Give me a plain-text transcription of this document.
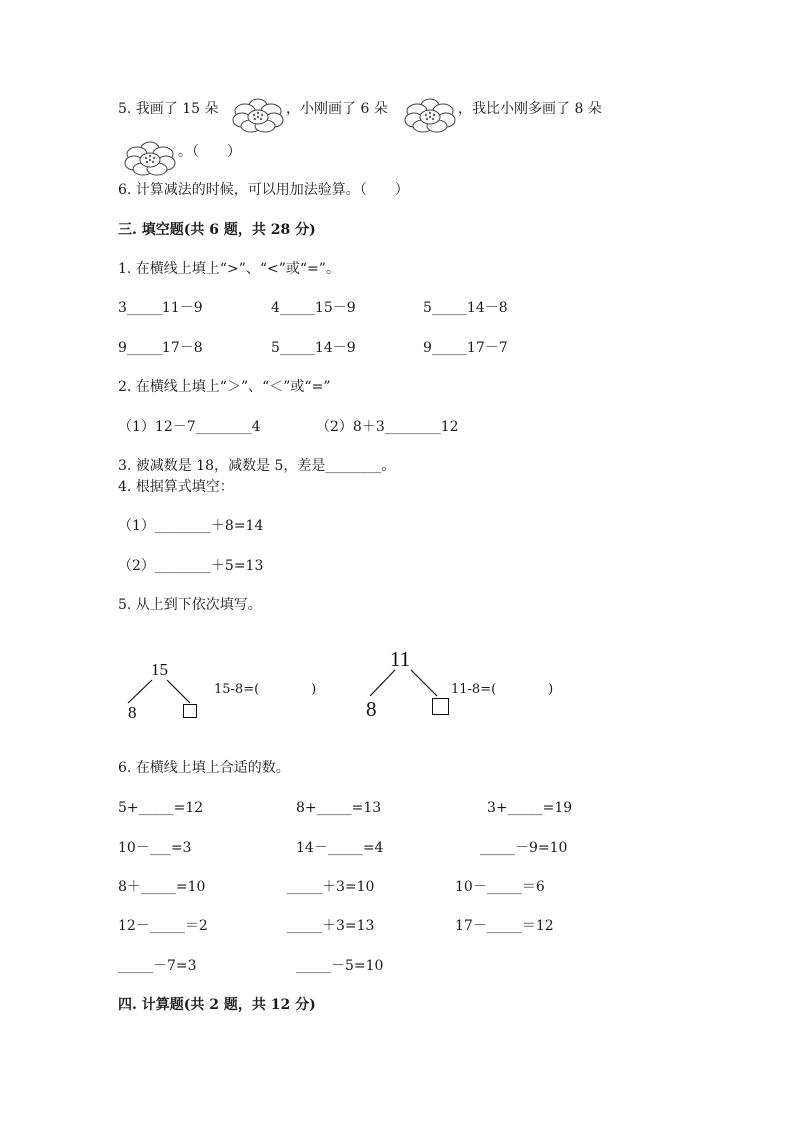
5. 我画了 15 朵	，小刚画了 6 朵	，我比小刚多画了 8 朵
。（　　）
6. 计算减法的时候，可以用加法验算。（　　）
三. 填空题(共 6 题，共 28 分)
1. 在横线上填上“>”、“<”或“=”。
3_____11－9	4_____15－9	5_____14－8
9_____17－8	5_____14－9	9_____17－7
2. 在横线上填上“＞”、“＜”或“=”
（1）12－7________4	（2）8＋3________12
3. 被减数是 18，减数是 5，差是________。
4. 根据算式填空：
（1）________＋8=14
（2）________＋5=13
5. 从上到下依次填写。
15
8
15-8=(　　　　)
11
8
11-8=(　　　　)
6. 在横线上填上合适的数。
5+_____=12	8+_____=13	3+_____=19
10－___=3	14－_____=4	_____－9=10
8＋_____=10	_____＋3=10	10－_____＝6
12－_____＝2	_____＋3=13	17－_____＝12
_____－7=3	_____－5=10
四. 计算题(共 2 题，共 12 分)
